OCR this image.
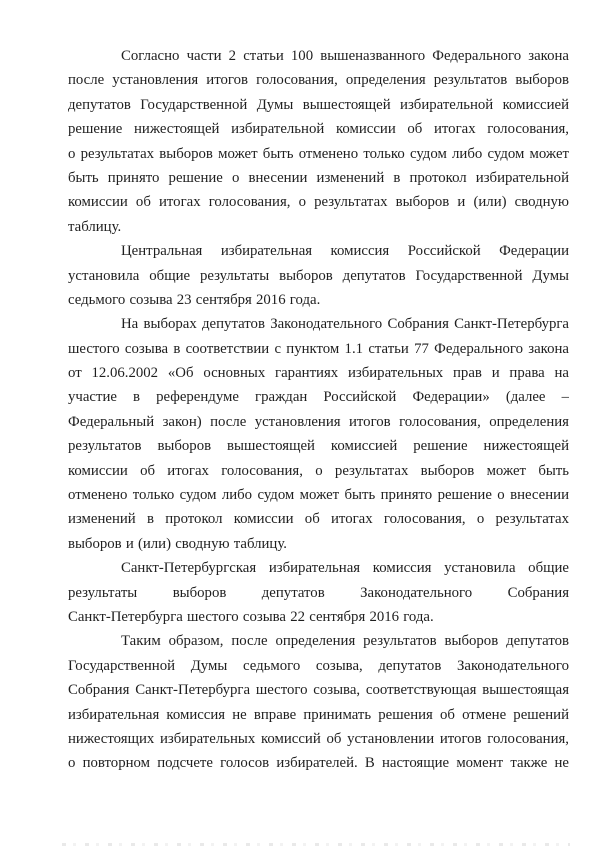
Согласно части 2 статьи 100 вышеназванного Федерального закона
после установления итогов голосования, определения результатов выборов
депутатов Государственной Думы вышестоящей избирательной комиссией
решение нижестоящей избирательной комиссии об итогах голосования,
о результатах выборов может быть отменено только судом либо судом может
быть принято решение о внесении изменений в протокол избирательной
комиссии об итогах голосования, о результатах выборов и (или) сводную
таблицу.
Центральная избирательная комиссия Российской Федерации
установила общие результаты выборов депутатов Государственной Думы
седьмого созыва 23 сентября 2016 года.
На выборах депутатов Законодательного Собрания Санкт-Петербурга
шестого созыва в соответствии с пунктом 1.1 статьи 77 Федерального закона
от 12.06.2002 «Об основных гарантиях избирательных прав и права на
участие в референдуме граждан Российской Федерации» (далее –
Федеральный закон) после установления итогов голосования, определения
результатов выборов вышестоящей комиссией решение нижестоящей
комиссии об итогах голосования, о результатах выборов может быть
отменено только судом либо судом может быть принято решение о внесении
изменений в протокол комиссии об итогах голосования, о результатах
выборов и (или) сводную таблицу.
Санкт-Петербургская избирательная комиссия установила общие
результаты выборов депутатов Законодательного Собрания
Санкт-Петербурга шестого созыва 22 сентября 2016 года.
Таким образом, после определения результатов выборов депутатов
Государственной Думы седьмого созыва, депутатов Законодательного
Собрания Санкт-Петербурга шестого созыва, соответствующая вышестоящая
избирательная комиссия не вправе принимать решения об отмене решений
нижестоящих избирательных комиссий об установлении итогов голосования,
о повторном подсчете голосов избирателей. В настоящие момент также не
